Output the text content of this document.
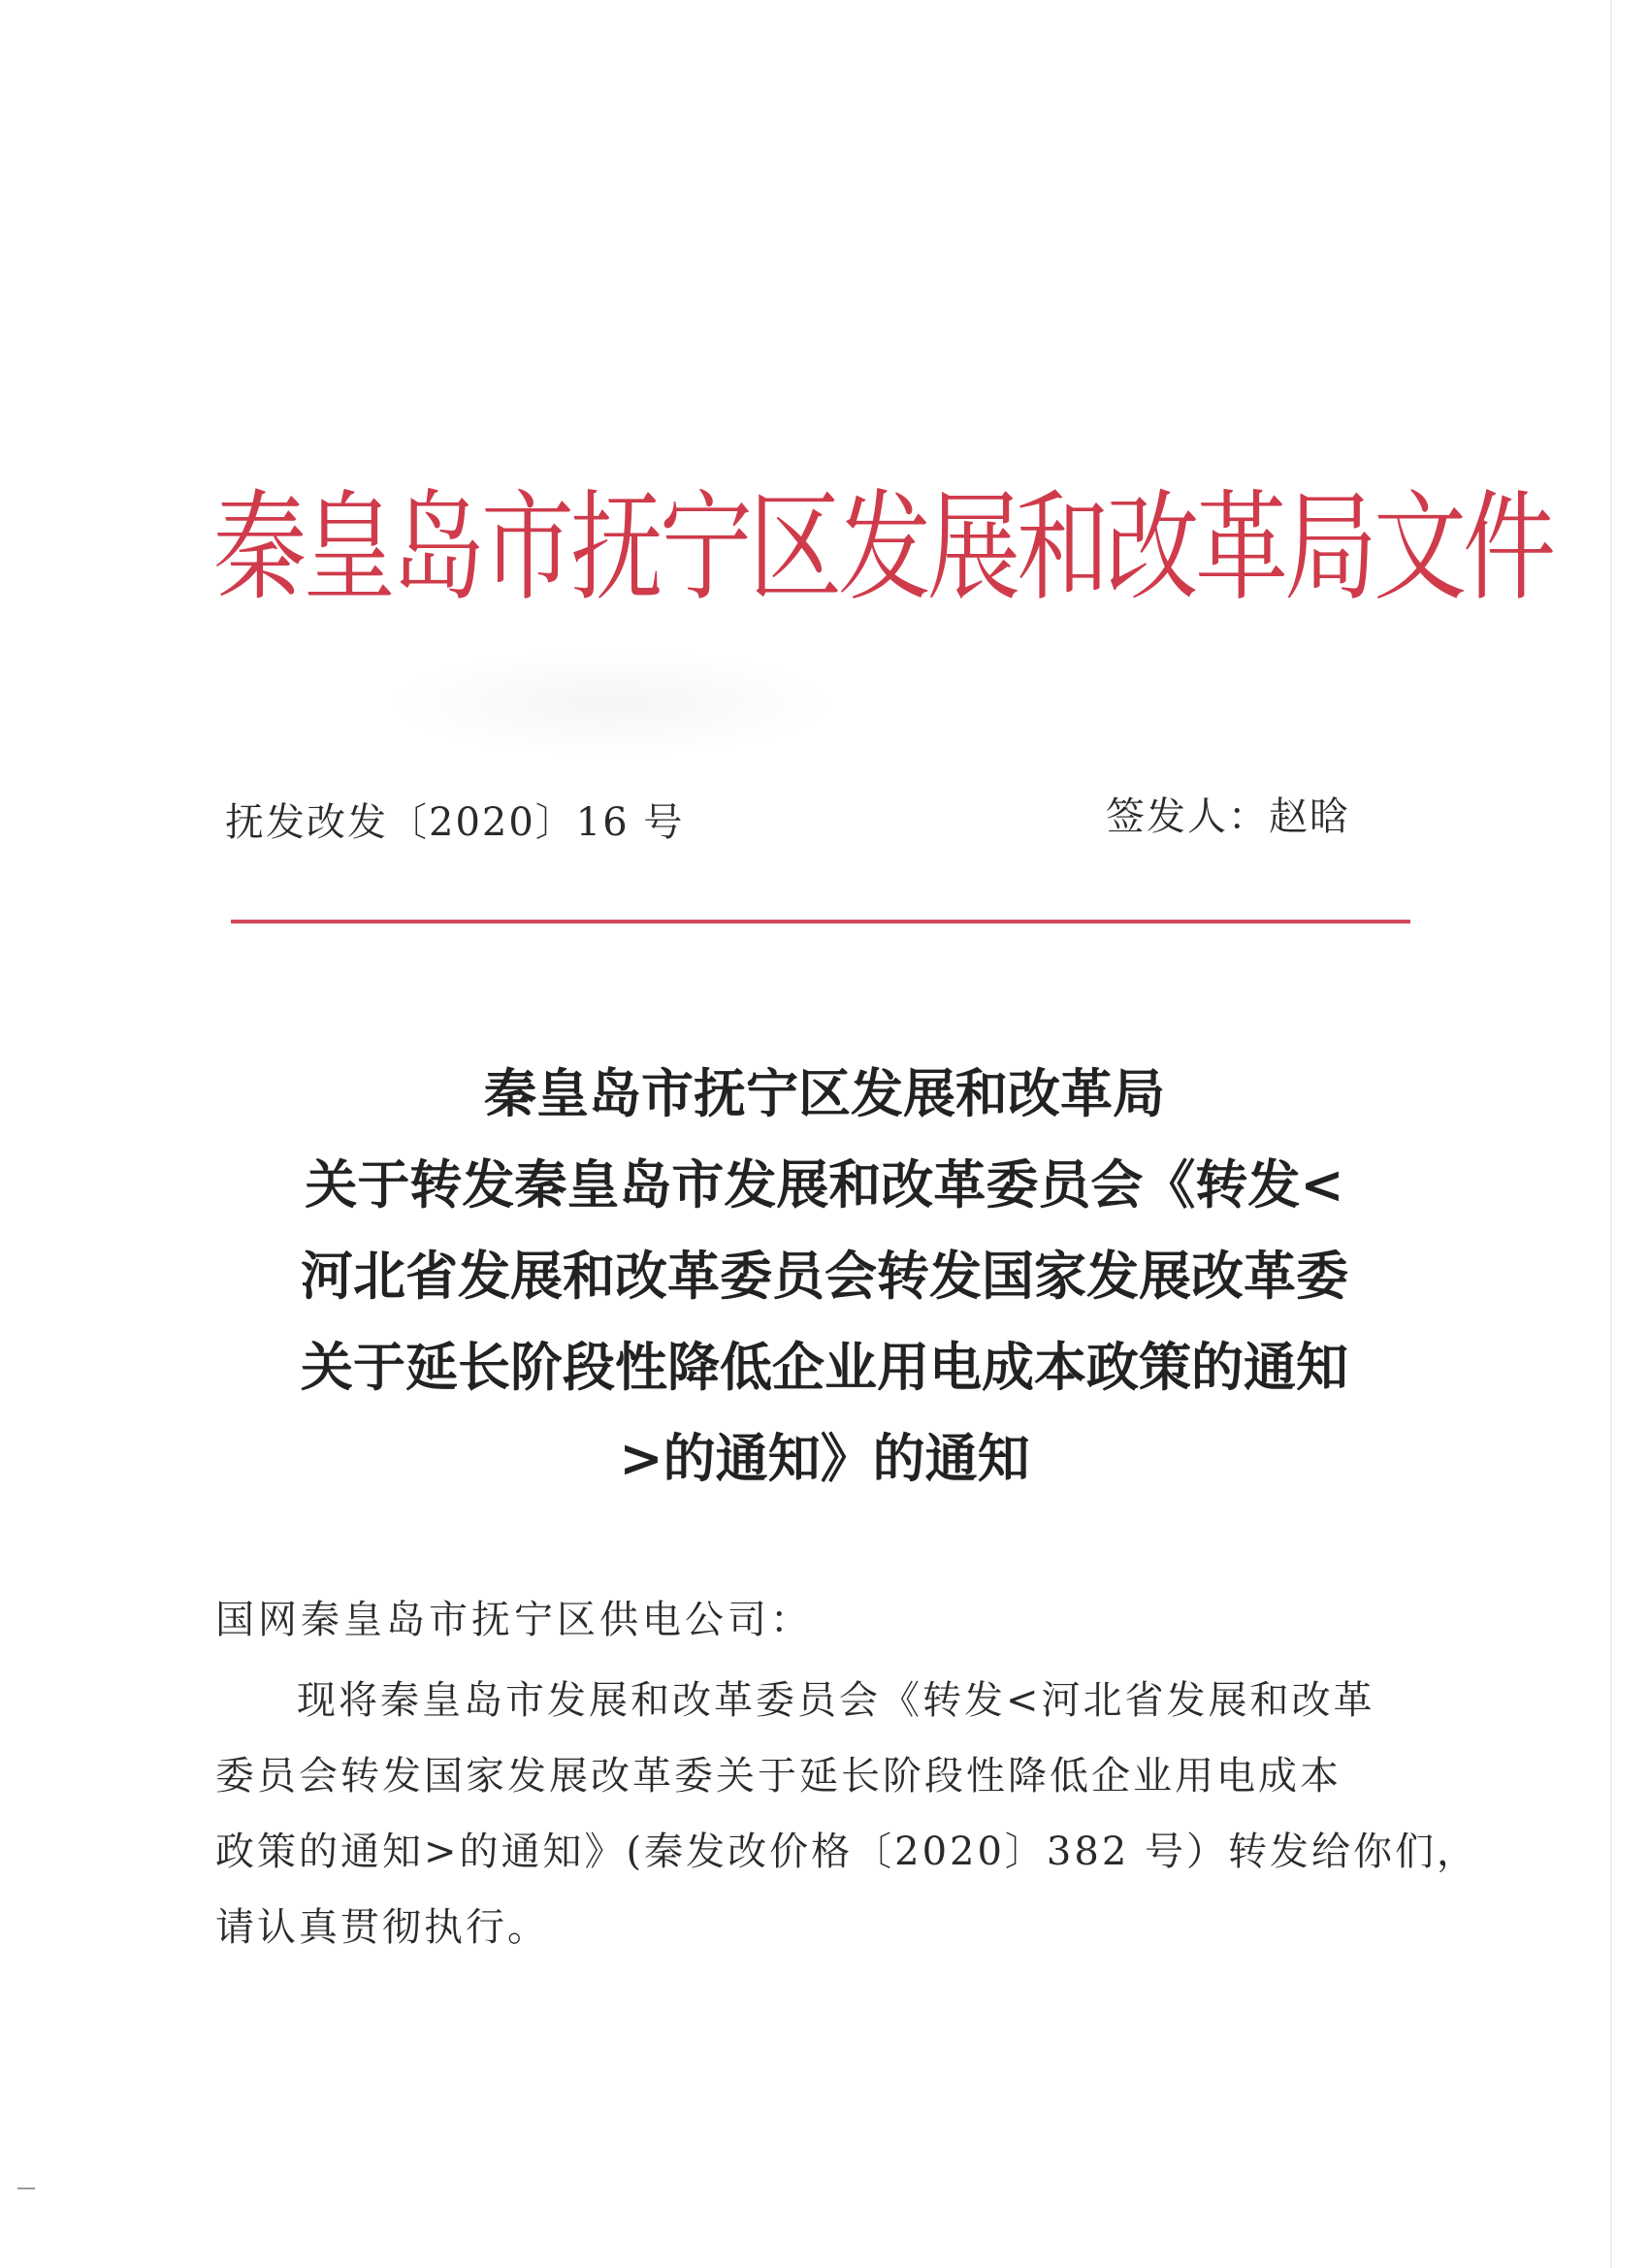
秦皇岛市抚宁区发展和改革局文件
抚发改发〔2020〕16 号	签发人：赵晗
秦皇岛市抚宁区发展和改革局
关于转发秦皇岛市发展和改革委员会《转发<
河北省发展和改革委员会转发国家发展改革委
关于延长阶段性降低企业用电成本政策的通知
>的通知》的通知
国网秦皇岛市抚宁区供电公司：
现将秦皇岛市发展和改革委员会《转发<河北省发展和改革
委员会转发国家发展改革委关于延长阶段性降低企业用电成本
政策的通知>的通知》(秦发改价格〔2020〕382 号）转发给你们，
请认真贯彻执行。
